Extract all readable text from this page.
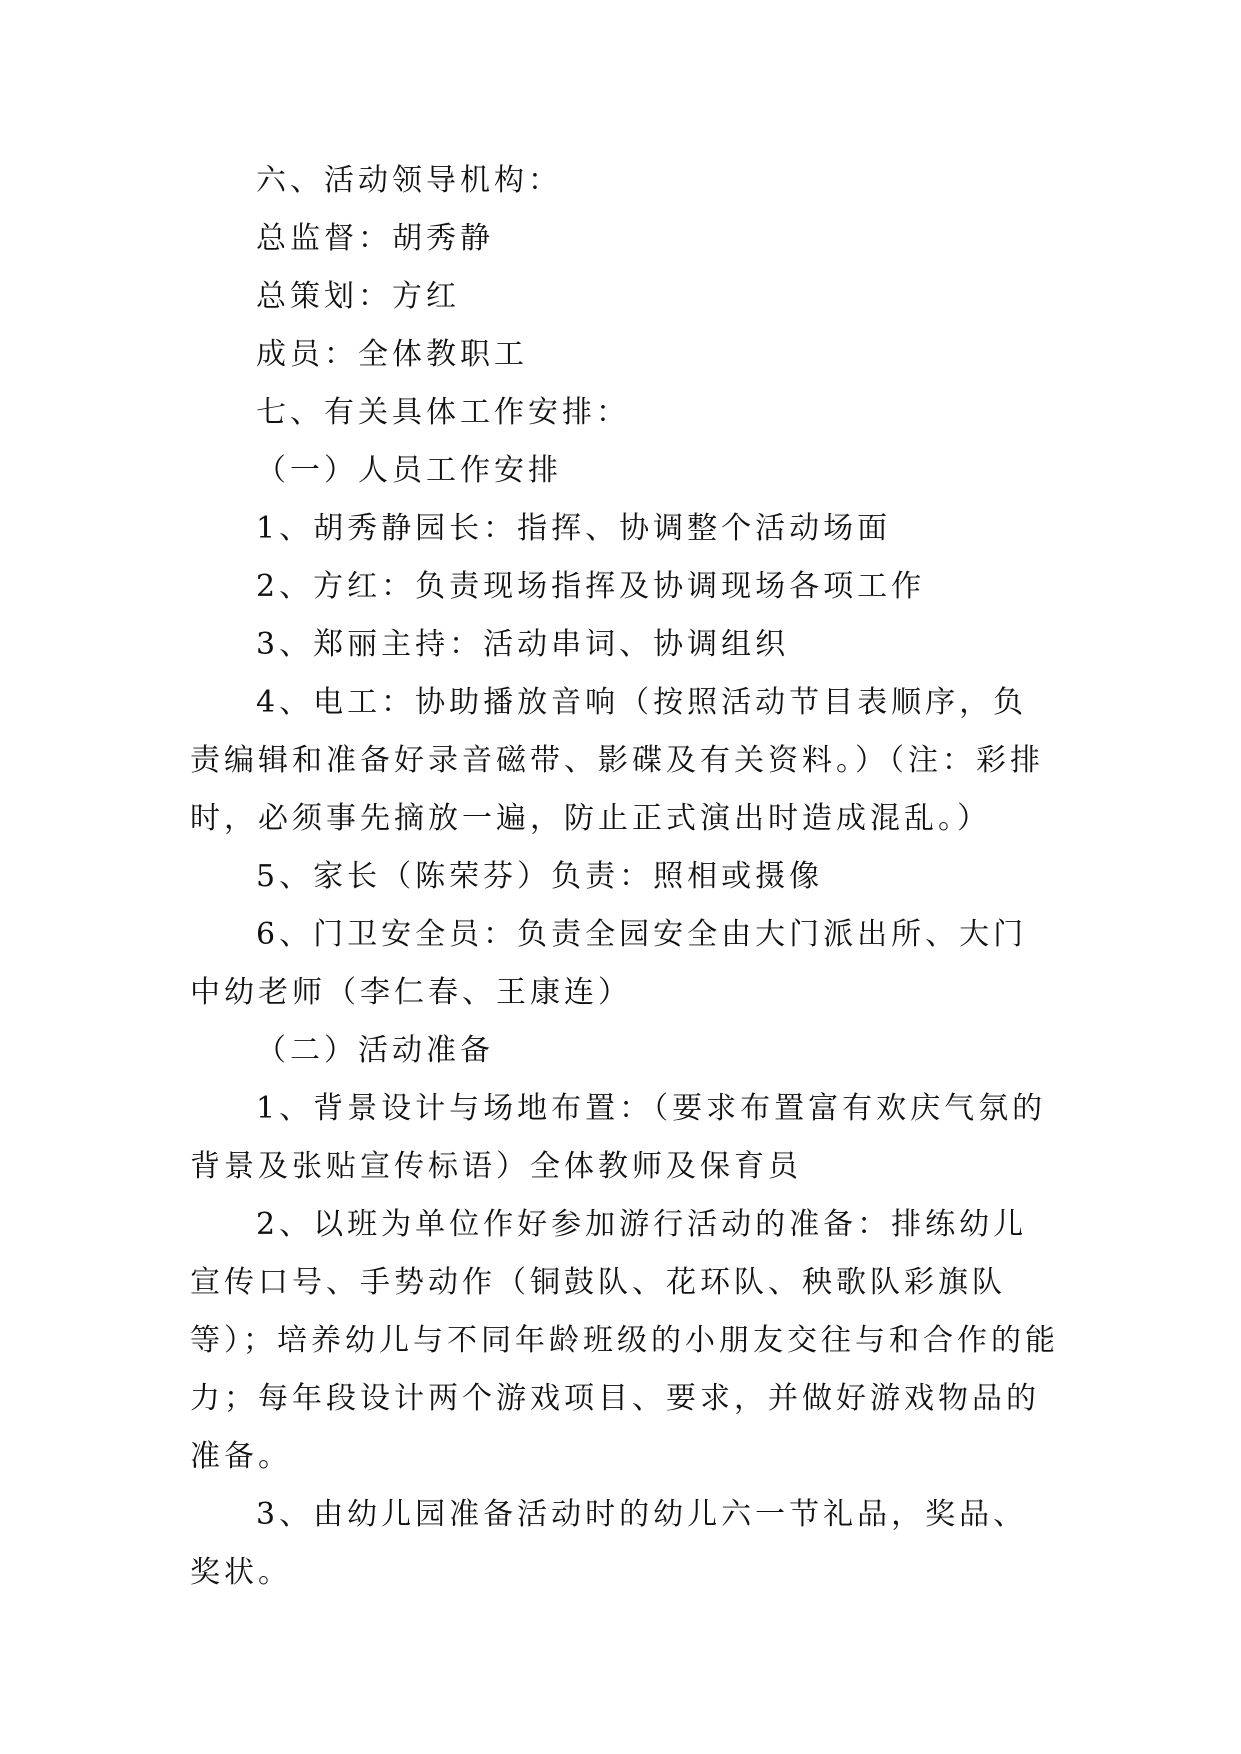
六、活动领导机构：

总监督：胡秀静

总策划：方红

成员：全体教职工

七、有关具体工作安排：

（一）人员工作安排

1、胡秀静园长：指挥、协调整个活动场面

2、方红：负责现场指挥及协调现场各项工作

3、郑丽主持：活动串词、协调组织

4、电工：协助播放音响（按照活动节目表顺序，负责编辑和准备好录音磁带、影碟及有关资料。）（注：彩排时，必须事先摘放一遍，防止正式演出时造成混乱。）

5、家长（陈荣芬）负责：照相或摄像

6、门卫安全员：负责全园安全由大门派出所、大门中幼老师（李仁春、王康连）

（二）活动准备

1、背景设计与场地布置：（要求布置富有欢庆气氛的背景及张贴宣传标语）全体教师及保育员

2、以班为单位作好参加游行活动的准备：排练幼儿宣传口号、手势动作（铜鼓队、花环队、秧歌队彩旗队等）；培养幼儿与不同年龄班级的小朋友交往与和合作的能力；每年段设计两个游戏项目、要求，并做好游戏物品的准备。

3、由幼儿园准备活动时的幼儿六一节礼品，奖品、奖状。
